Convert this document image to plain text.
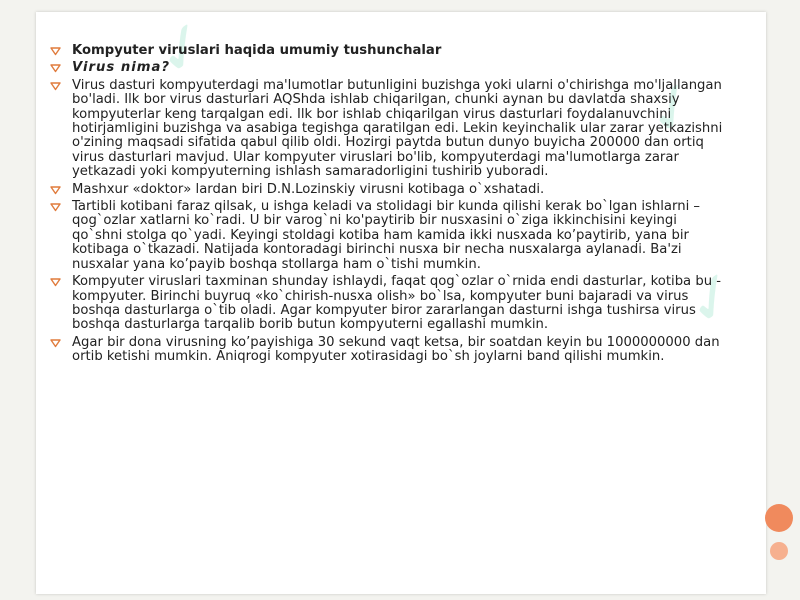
✓
✓
✓
Kompyuter viruslari haqida umumiy tushunchalar
Virus nima?
Virus dasturi kompyuterdagi ma'lumotlar butunligini buzishga yoki ularni o'chirishga mo'ljallangan bo'ladi. Ilk bor virus dasturlari AQShda ishlab chiqarilgan, chunki aynan bu davlatda shaxsiy kompyuterlar keng tarqalgan edi. Ilk bor ishlab chiqarilgan virus dasturlari foydalanuvchini hotirjamligini buzishga va asabiga tegishga qaratilgan edi. Lekin keyinchalik ular zarar yetkazishni o'zining maqsadi sifatida qabul qilib oldi. Hozirgi paytda butun dunyo buyicha 200000 dan ortiq virus dasturlari mavjud. Ular kompyuter viruslari bo'lib, kompyuterdagi ma'lumotlarga zarar yetkazadi yoki kompyuterning ishlash samaradorligini tushirib yuboradi.
Mashxur «doktor» lardan biri D.N.Lozinskiy virusni kotibaga o`xshatadi.
Tartibli kotibani faraz qilsak, u ishga keladi va stolidagi bir kunda qilishi kerak bo`lgan ishlarni – qog`ozlar xatlarni ko`radi. U bir varog`ni ko'paytirib bir nusxasini o`ziga ikkinchisini keyingi qo`shni stolga qo`yadi. Keyingi stoldagi kotiba ham kamida ikki nusxada ko’paytirib, yana bir kotibaga o`tkazadi. Natijada kontoradagi birinchi nusxa bir necha nusxalarga aylanadi. Ba'zi nusxalar yana ko’payib boshqa stollarga ham o`tishi mumkin.
Kompyuter viruslari taxminan shunday ishlaydi, faqat qog`ozlar o`rnida endi dasturlar, kotiba bu - kompyuter. Birinchi buyruq «ko`chirish-nusxa olish» bo`lsa, kompyuter buni bajaradi va virus boshqa dasturlarga o`tib oladi. Agar kompyuter biror zararlangan dasturni ishga tushirsa virus boshqa dasturlarga tarqalib borib butun kompyuterni egallashi mumkin.
Agar bir dona virusning ko’payishiga 30 sekund vaqt ketsa, bir soatdan keyin bu 1000000000 dan ortib ketishi mumkin. Aniqrogi kompyuter xotirasidagi bo`sh joylarni band qilishi mumkin.
